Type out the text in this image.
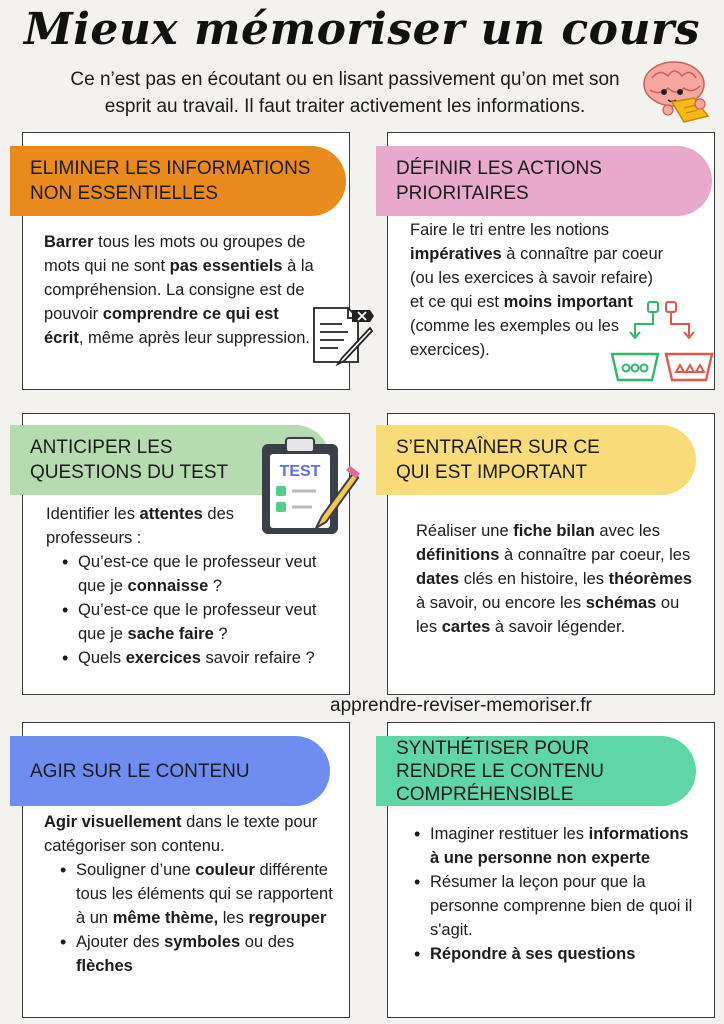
Mieux mémoriser un cours
Ce n’est pas en écoutant ou en lisant passivement qu’on met son esprit au travail. Il faut traiter activement les informations.
ELIMINER LES INFORMATIONS
NON ESSENTIELLES
Barrer tous les mots ou groupes de mots qui ne sont pas essentiels à la compréhension. La consigne est de pouvoir comprendre ce qui est écrit, même après leur suppression.
DÉFINIR LES ACTIONS
PRIORITAIRES
Faire le tri entre les notions impératives à connaître par coeur (ou les exercices à savoir refaire) et ce qui est moins important (comme les exemples ou les exercices).
ANTICIPER LES
QUESTIONS DU TEST	TEST
Identifier les attentes des professeurs :
• Qu’est-ce que le professeur veut que je connaisse ?
• Qu’est-ce que le professeur veut que je sache faire ?
• Quels exercices savoir refaire ?
S’ENTRAÎNER SUR CE
QUI EST IMPORTANT
Réaliser une fiche bilan avec les définitions à connaître par coeur, les dates clés en histoire, les théorèmes à savoir, ou encore les schémas ou les cartes à savoir légender.
apprendre-reviser-memoriser.fr
AGIR SUR LE CONTENU
Agir visuellement dans le texte pour catégoriser son contenu.
• Souligner d’une couleur différente tous les éléments qui se rapportent à un même thème, les regrouper
• Ajouter des symboles ou des flèches
SYNTHÉTISER POUR
RENDRE LE CONTENU
COMPRÉHENSIBLE
• Imaginer restituer les informations à une personne non experte
• Résumer la leçon pour que la personne comprenne bien de quoi il s'agit.
• Répondre à ses questions
